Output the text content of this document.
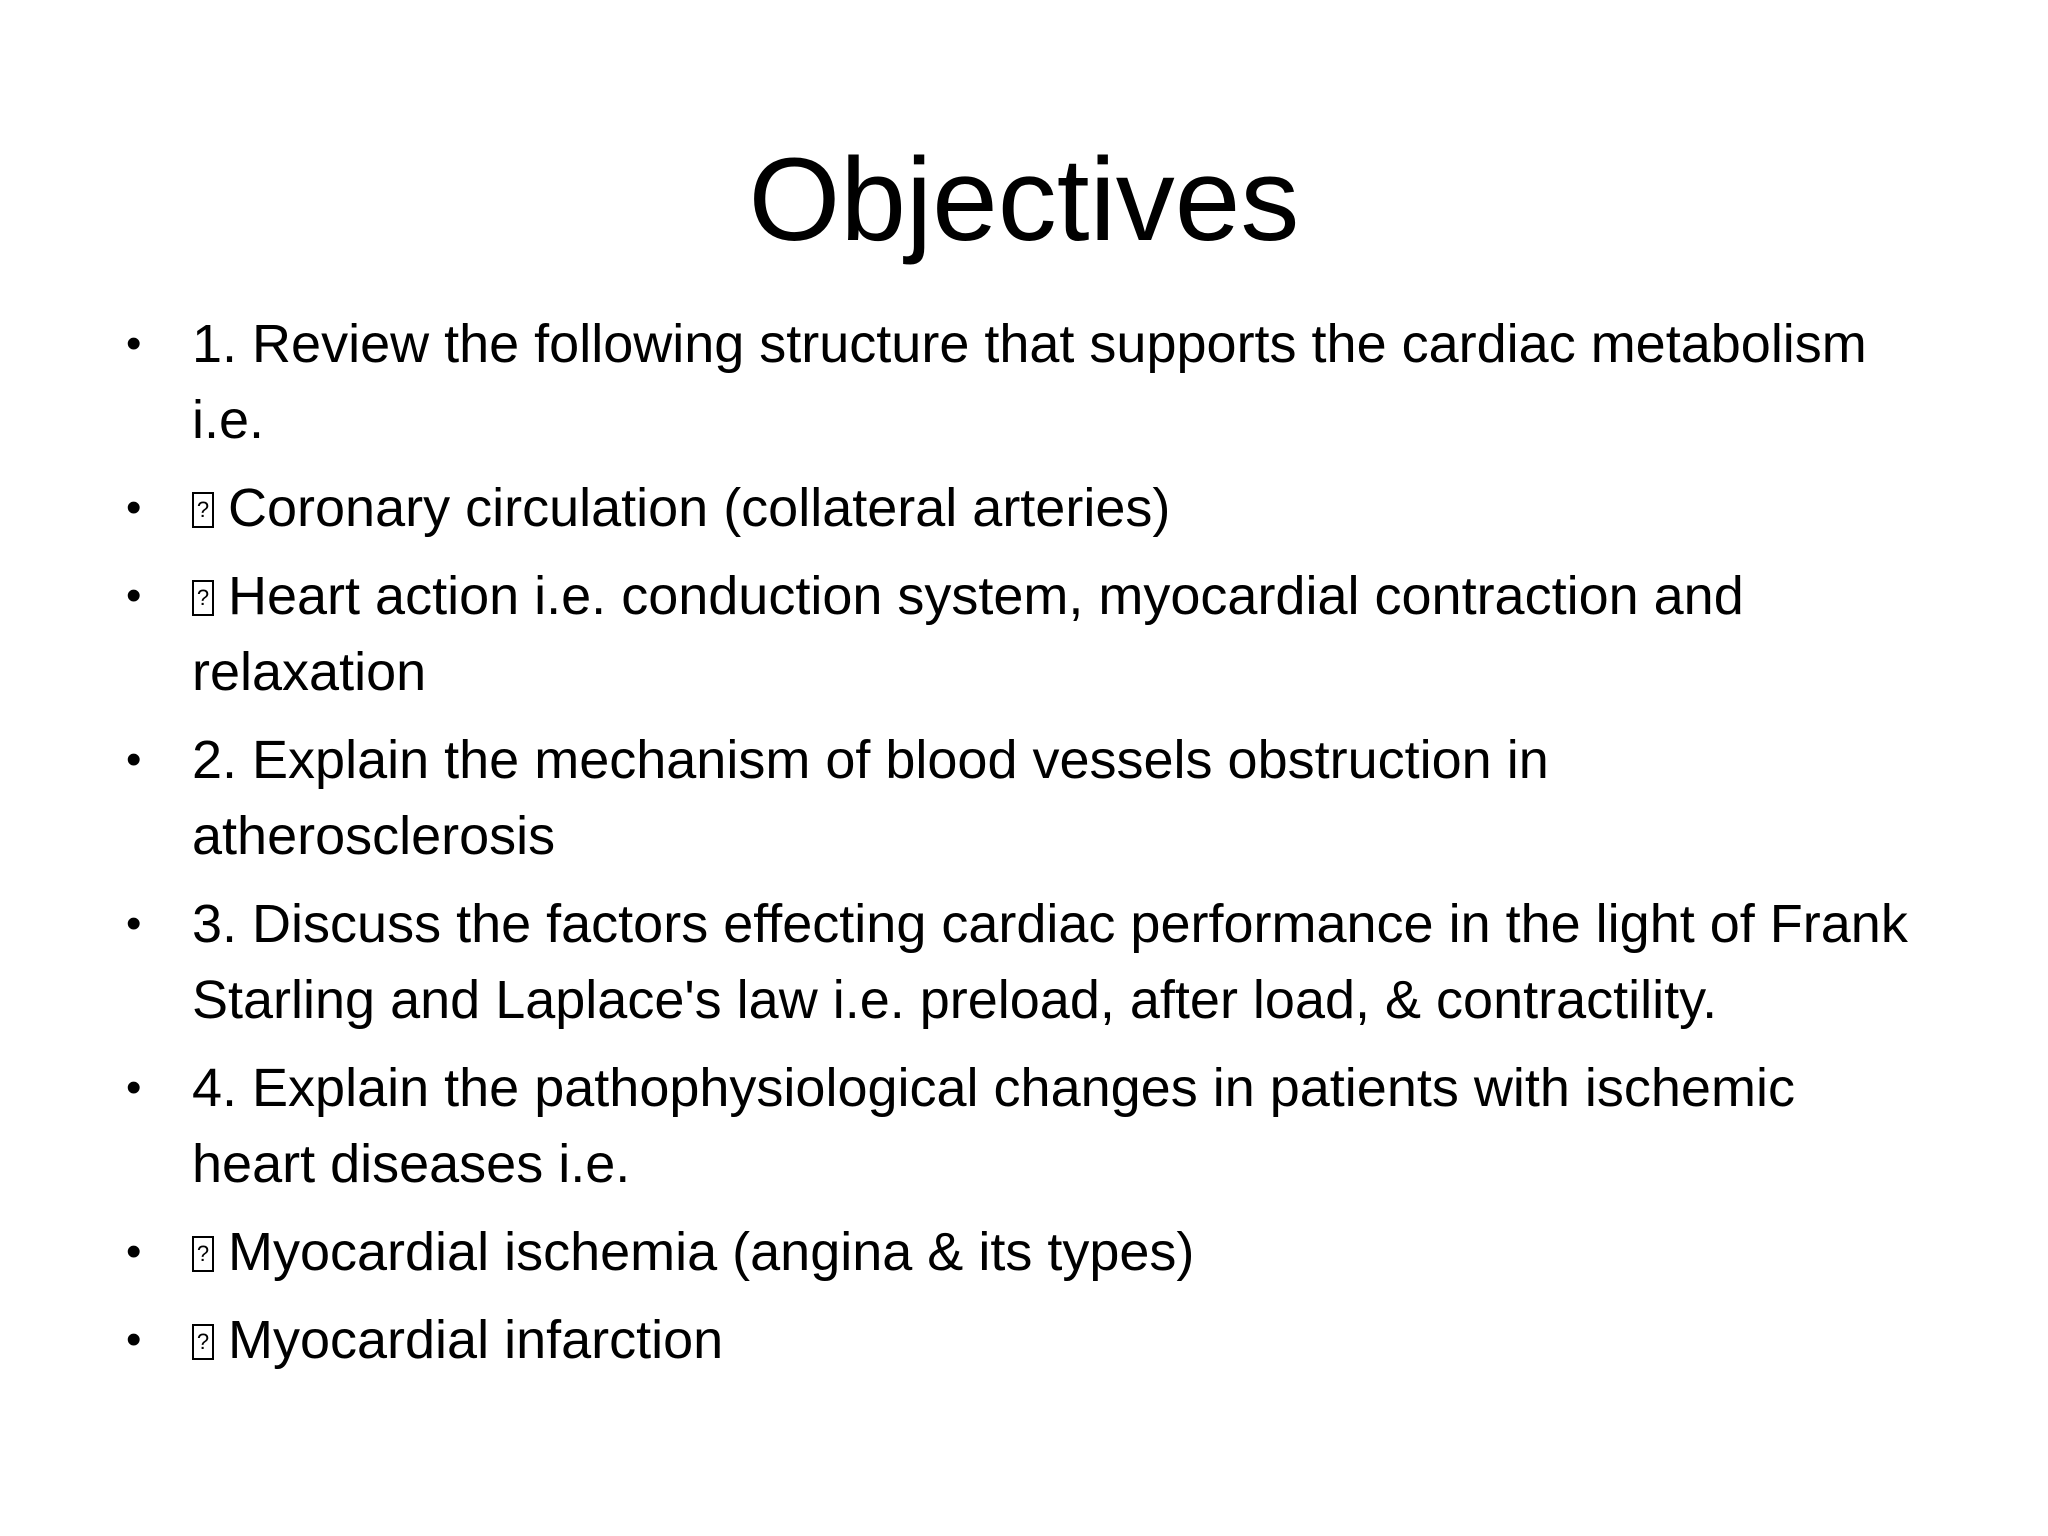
Objectives
• 1. Review the following structure that supports the cardiac metabolism i.e.
• ?	Coronary circulation (collateral arteries)
• ?	Heart action i.e. conduction system, myocardial contraction and relaxation
• 2. Explain the mechanism of blood vessels obstruction in atherosclerosis
• 3. Discuss the factors effecting cardiac performance in the light of Frank Starling and Laplace's law i.e. preload, after load, & contractility.
• 4. Explain the pathophysiological changes in patients with ischemic heart diseases i.e.
• ?	Myocardial ischemia (angina & its types)
• ?	Myocardial infarction
